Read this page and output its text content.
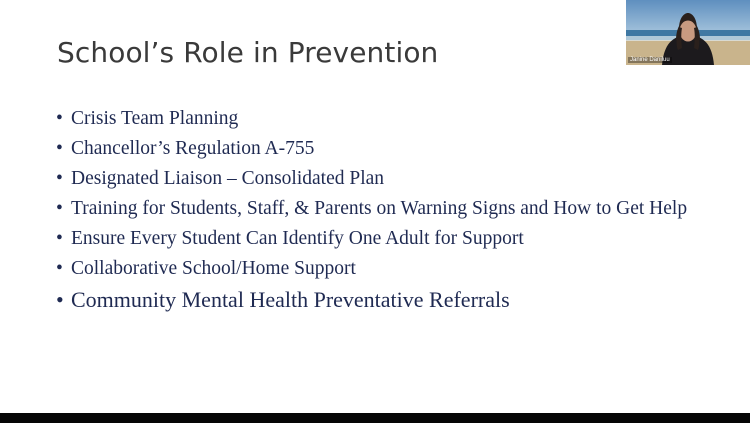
School’s Role in Prevention
• Crisis Team Planning
• Chancellor’s Regulation A-755
• Designated Liaison – Consolidated Plan
• Training for Students, Staff, & Parents on Warning Signs and How to Get Help
• Ensure Every Student Can Identify One Adult for Support
• Collaborative School/Home Support
• Community Mental Health Preventative Referrals
Janine Daniluu
